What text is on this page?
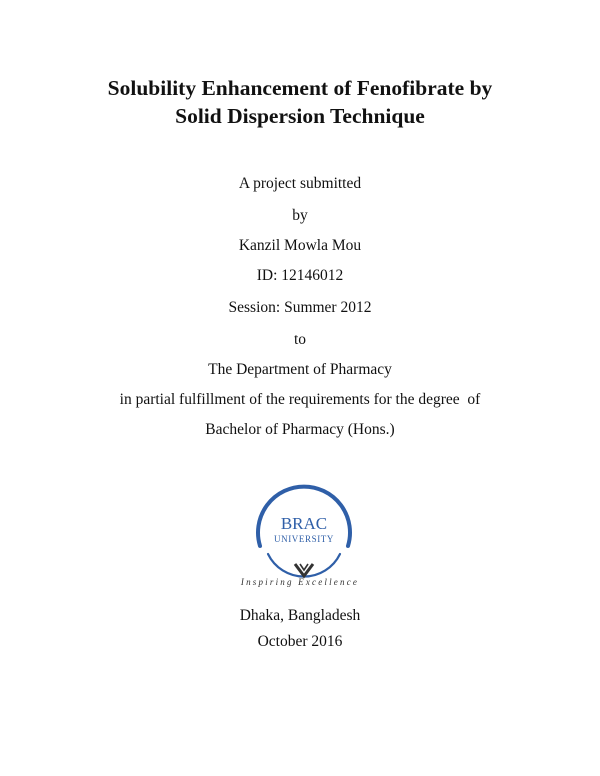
Solubility Enhancement of Fenofibrate by
Solid Dispersion Technique
A project submitted
by
Kanzil Mowla Mou
ID: 12146012
Session: Summer 2012
to
The Department of Pharmacy
in partial fulfillment of the requirements for the degree  of
Bachelor of Pharmacy (Hons.)
BRAC
UNIVERSITY
Inspiring Excellence
Dhaka, Bangladesh
October 2016
